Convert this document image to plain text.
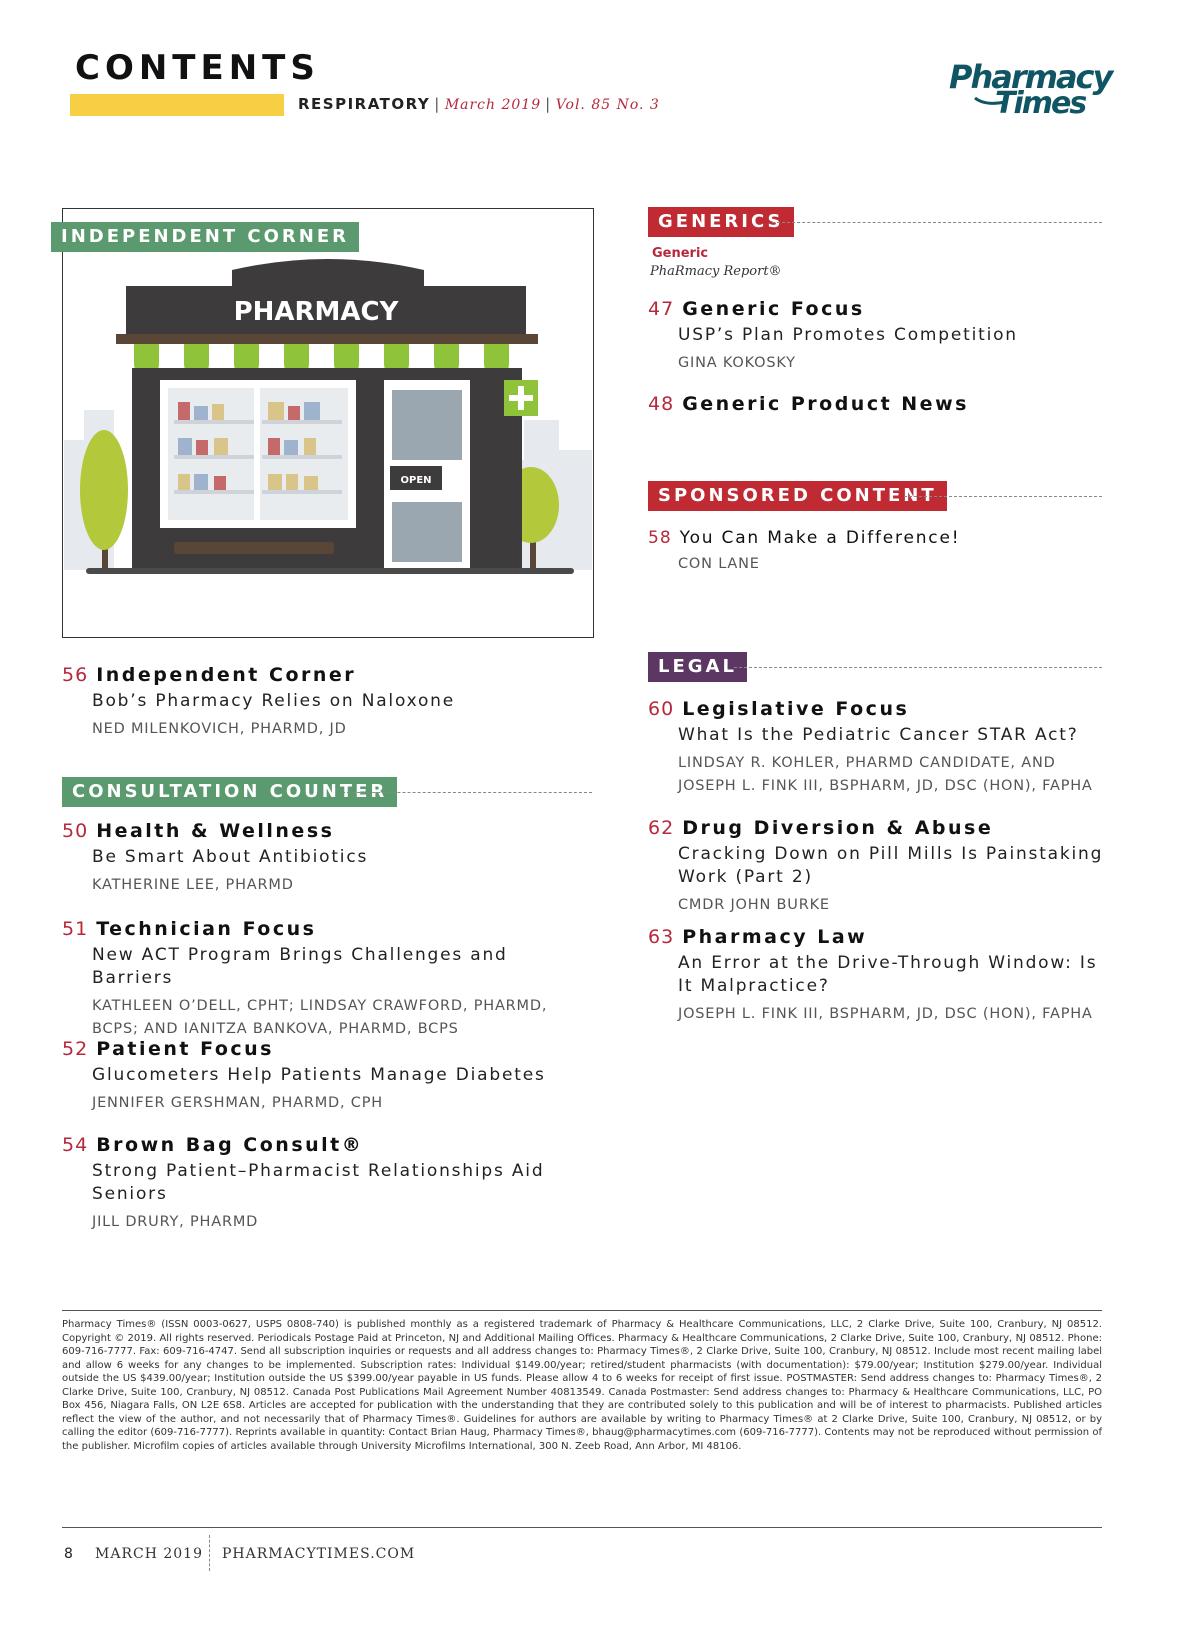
CONTENTS
RESPIRATORY | March 2019 | Vol. 85 No. 3
Pharmacy
Times
PHARMACY
OPEN
INDEPENDENT CORNER
56 Independent Corner
Bob’s Pharmacy Relies on Naloxone
NED MILENKOVICH, PHARMD, JD
CONSULTATION COUNTER
50 Health & Wellness
Be Smart About Antibiotics
KATHERINE LEE, PHARMD
51 Technician Focus
New ACT Program Brings Challenges and Barriers
KATHLEEN O’DELL, CPHT; LINDSAY CRAWFORD, PHARMD, BCPS; AND IANITZA BANKOVA, PHARMD, BCPS
52 Patient Focus
Glucometers Help Patients Manage Diabetes
JENNIFER GERSHMAN, PHARMD, CPH
54 Brown Bag Consult®
Strong Patient–Pharmacist Relationships Aid Seniors
JILL DRURY, PHARMD
GENERICS
Generic
PhaRmacy Report®
47 Generic Focus
USP’s Plan Promotes Competition
GINA KOKOSKY
48 Generic Product News
SPONSORED CONTENT
58 You Can Make a Difference!
CON LANE
LEGAL
60 Legislative Focus
What Is the Pediatric Cancer STAR Act?
LINDSAY R. KOHLER, PHARMD CANDIDATE, AND JOSEPH L. FINK III, BSPHARM, JD, DSC (HON), FAPHA
62 Drug Diversion & Abuse
Cracking Down on Pill Mills Is Painstaking Work (Part 2)
CMDR JOHN BURKE
63 Pharmacy Law
An Error at the Drive-Through Window: Is It Malpractice?
JOSEPH L. FINK III, BSPHARM, JD, DSC (HON), FAPHA
Pharmacy Times® (ISSN 0003-0627, USPS 0808-740) is published monthly as a registered trademark of Pharmacy & Healthcare Communications, LLC, 2 Clarke Drive, Suite 100, Cranbury, NJ 08512. Copyright © 2019. All rights reserved. Periodicals Postage Paid at Princeton, NJ and Additional Mailing Offices. Pharmacy & Healthcare Communications, 2 Clarke Drive, Suite 100, Cranbury, NJ 08512. Phone: 609-716-7777. Fax: 609-716-4747. Send all subscription inquiries or requests and all address changes to: Pharmacy Times®, 2 Clarke Drive, Suite 100, Cranbury, NJ 08512. Include most recent mailing label and allow 6 weeks for any changes to be implemented. Subscription rates: Individual $149.00/year; retired/student pharmacists (with documentation): $79.00/year; Institution $279.00/year. Individual outside the US $439.00/year; Institution outside the US $399.00/year payable in US funds. Please allow 4 to 6 weeks for receipt of first issue. POSTMASTER: Send address changes to: Pharmacy Times®, 2 Clarke Drive, Suite 100, Cranbury, NJ 08512. Canada Post Publications Mail Agreement Number 40813549. Canada Postmaster: Send address changes to: Pharmacy & Healthcare Communications, LLC, PO Box 456, Niagara Falls, ON L2E 6S8. Articles are accepted for publication with the understanding that they are contributed solely to this publication and will be of interest to pharmacists. Published articles reflect the view of the author, and not necessarily that of Pharmacy Times®. Guidelines for authors are available by writing to Pharmacy Times® at 2 Clarke Drive, Suite 100, Cranbury, NJ 08512, or by calling the editor (609-716-7777). Reprints available in quantity: Contact Brian Haug, Pharmacy Times®, bhaug@pharmacytimes.com (609-716-7777). Contents may not be reproduced without permission of the publisher. Microfilm copies of articles available through University Microfilms International, 300 N. Zeeb Road, Ann Arbor, MI 48106.
8 MARCH 2019 PHARMACYTIMES.COM
